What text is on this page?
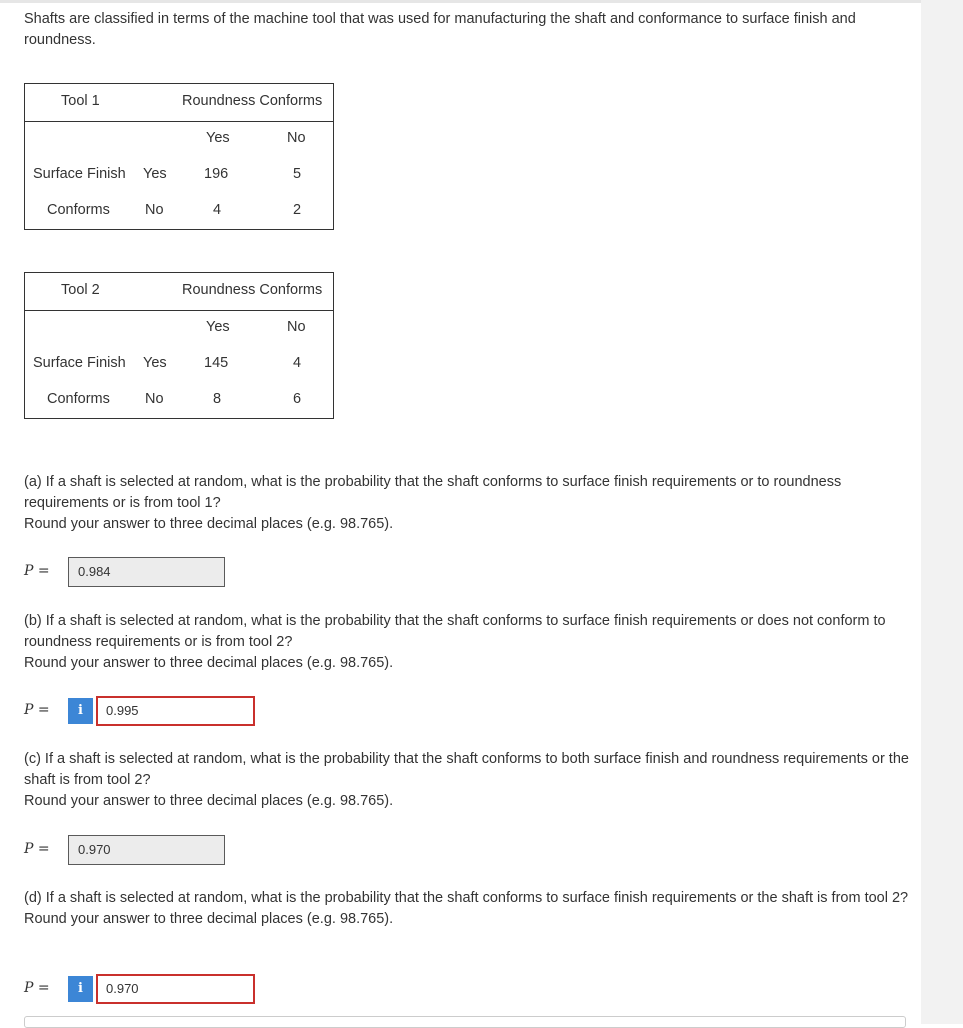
Shafts are classified in terms of the machine tool that was used for manufacturing the shaft and conformance to surface finish and roundness.
Tool 1	Roundness Conforms
Yes	No
Surface Finish Yes	196	5
Conforms No	4	2
Tool 2	Roundness Conforms
Yes	No
Surface Finish Yes	145	4
Conforms No	8	6

(a) If a shaft is selected at random, what is the probability that the shaft conforms to surface finish requirements or to roundness requirements or is from tool 1?

Round your answer to three decimal places (e.g. 98.765).

P =	0.984

(b) If a shaft is selected at random, what is the probability that the shaft conforms to surface finish requirements or does not conform to roundness requirements or is from tool 2?

Round your answer to three decimal places (e.g. 98.765).

P =	i	0.995

(c) If a shaft is selected at random, what is the probability that the shaft conforms to both surface finish and roundness requirements or the shaft is from tool 2?

Round your answer to three decimal places (e.g. 98.765).

P =	0.970

(d) If a shaft is selected at random, what is the probability that the shaft conforms to surface finish requirements or the shaft is from tool 2?

Round your answer to three decimal places (e.g. 98.765).

P =	i	0.970
